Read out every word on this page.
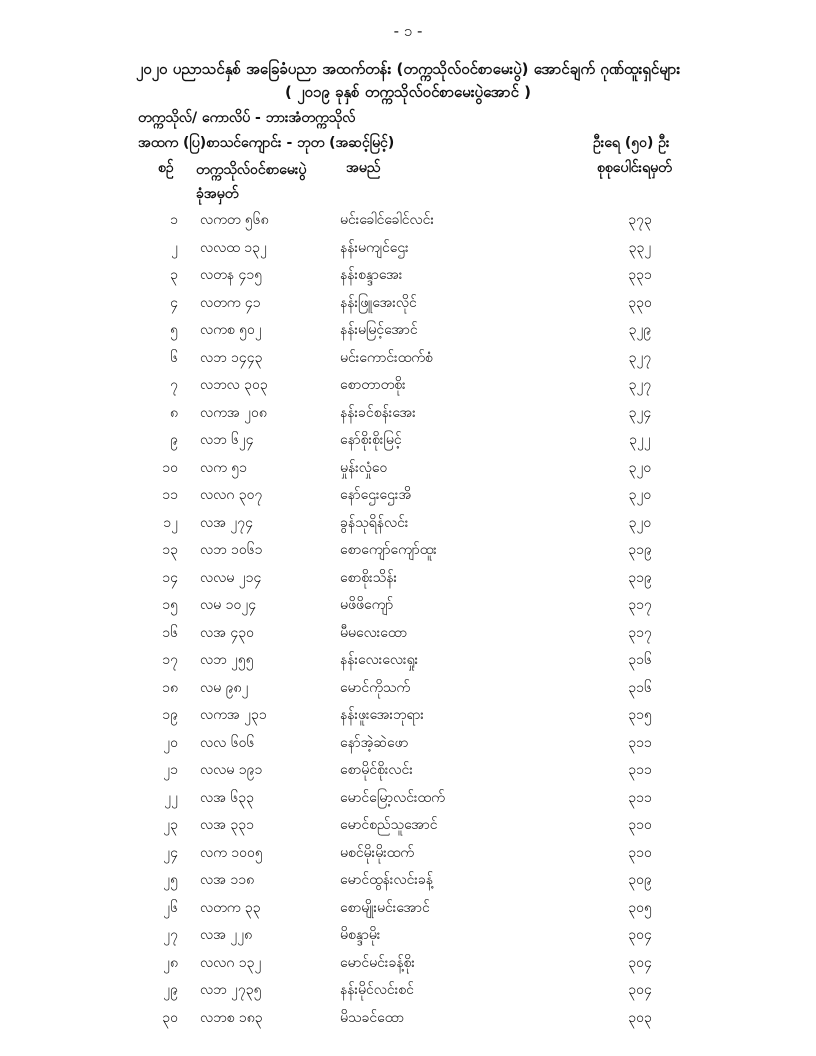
- ၁ -
၂၀၂၀ ပညာသင်နှစ် အခြေခံပညာ အထက်တန်း (တက္ကသိုလ်ဝင်စာမေးပွဲ) အောင်ချက် ဂုဏ်ထူးရှင်များ
( ၂၀၁၉ ခုနှစ် တက္ကသိုလ်ဝင်စာမေးပွဲအောင် )
တက္ကသိုလ်/ ကောလိပ် - ဘားအံတက္ကသိုလ်
အထက (ပြ)စာသင်ကျောင်း - ဘုတ (အဆင့်မြင့်)	ဦးရေ (၅၀) ဦး
စဉ် တက္ကသိုလ်ဝင်စာမေးပွဲ
ခုံအမှတ်
အမည်	စုစုပေါင်းရမှတ်
၁ လကတ ၅၆၈	မင်းခေါင်ခေါင်လင်း	၃၇၃
၂ လလထ ၁၃၂	နန်းမကျင်ဌေး	၃၃၂
၃ လတန ၄၁၅	နန်းစန္ဒာအေး	၃၃၁
၄ လတက ၄၁	နန်းဖြူအေးလိုင်	၃၃၀
၅ လကစ ၅၀၂	နန်းမမြင့်အောင်	၃၂၉
၆ လဘ ၁၄၄၃	မင်းကောင်းထက်စံ	၃၂၇
၇ လဘလ ၃၀၃	စောတာတစိုး	၃၂၇
၈ လကအ ၂၀၈	နန်းခင်စန်းအေး	၃၂၄
၉ လဘ ၆၂၄	နော်စိုးစိုးမြင့်	၃၂၂
၁၀ လက ၅၁	မှုန်းလှုံဝေ	၃၂၀
၁၁ လလဂ ၃၀၇	နော်ဌေးဌေးအိ	၃၂၀
၁၂ လအ ၂၇၄	ခွန်သုရိန်လင်း	၃၂၀
၁၃ လဘ ၁၀၆၁	စောကျော်ကျော်ထူး	၃၁၉
၁၄ လလမ ၂၁၄	စောစိုးသိန်း	၃၁၉
၁၅ လမ ၁၀၂၄	မဖိဖိကျော်	၃၁၇
၁၆ လအ ၄၃၀	မီမလေးထော	၃၁၇
၁၇ လဘ ၂၅၅	နန်းလေးလေးရှုး	၃၁၆
၁၈ လမ ၉၈၂	မောင်ကိုသက်	၃၁၆
၁၉ လကအ ၂၃၁	နန်းဖူးအေးဘုရား	၃၁၅
၂၀ လလ ၆၀၆	နော်အဲ့ဆဲဖော	၃၁၁
၂၁ လလမ ၁၉၁	စောမိုင်စိုးလင်း	၃၁၁
၂၂ လအ ၆၃၃	မောင်မြော့လင်းထက်	၃၁၁
၂၃ လအ ၃၃၁	မောင်စည်သူအောင်	၃၁၀
၂၄ လက ၁၀၀၅	မစင်မိုးမိုးထက်	၃၁၀
၂၅ လအ ၁၁၈	မောင်ထွန်းလင်းခန့်	၃၀၉
၂၆ လတက ၃၃	စောမျိုးမင်းအောင်	၃၀၅
၂၇ လအ ၂၂၈	မိစန္ဒာမိုး	၃၀၄
၂၈ လလဂ ၁၃၂	မောင်မင်းခန့်စိုး	၃၀၄
၂၉ လဘ ၂၇၃၅	နန်းမိုင်လင်းစင်	၃၀၄
၃၀ လဘစ ၁၈၃	မိသခင်ထော	၃၀၃
